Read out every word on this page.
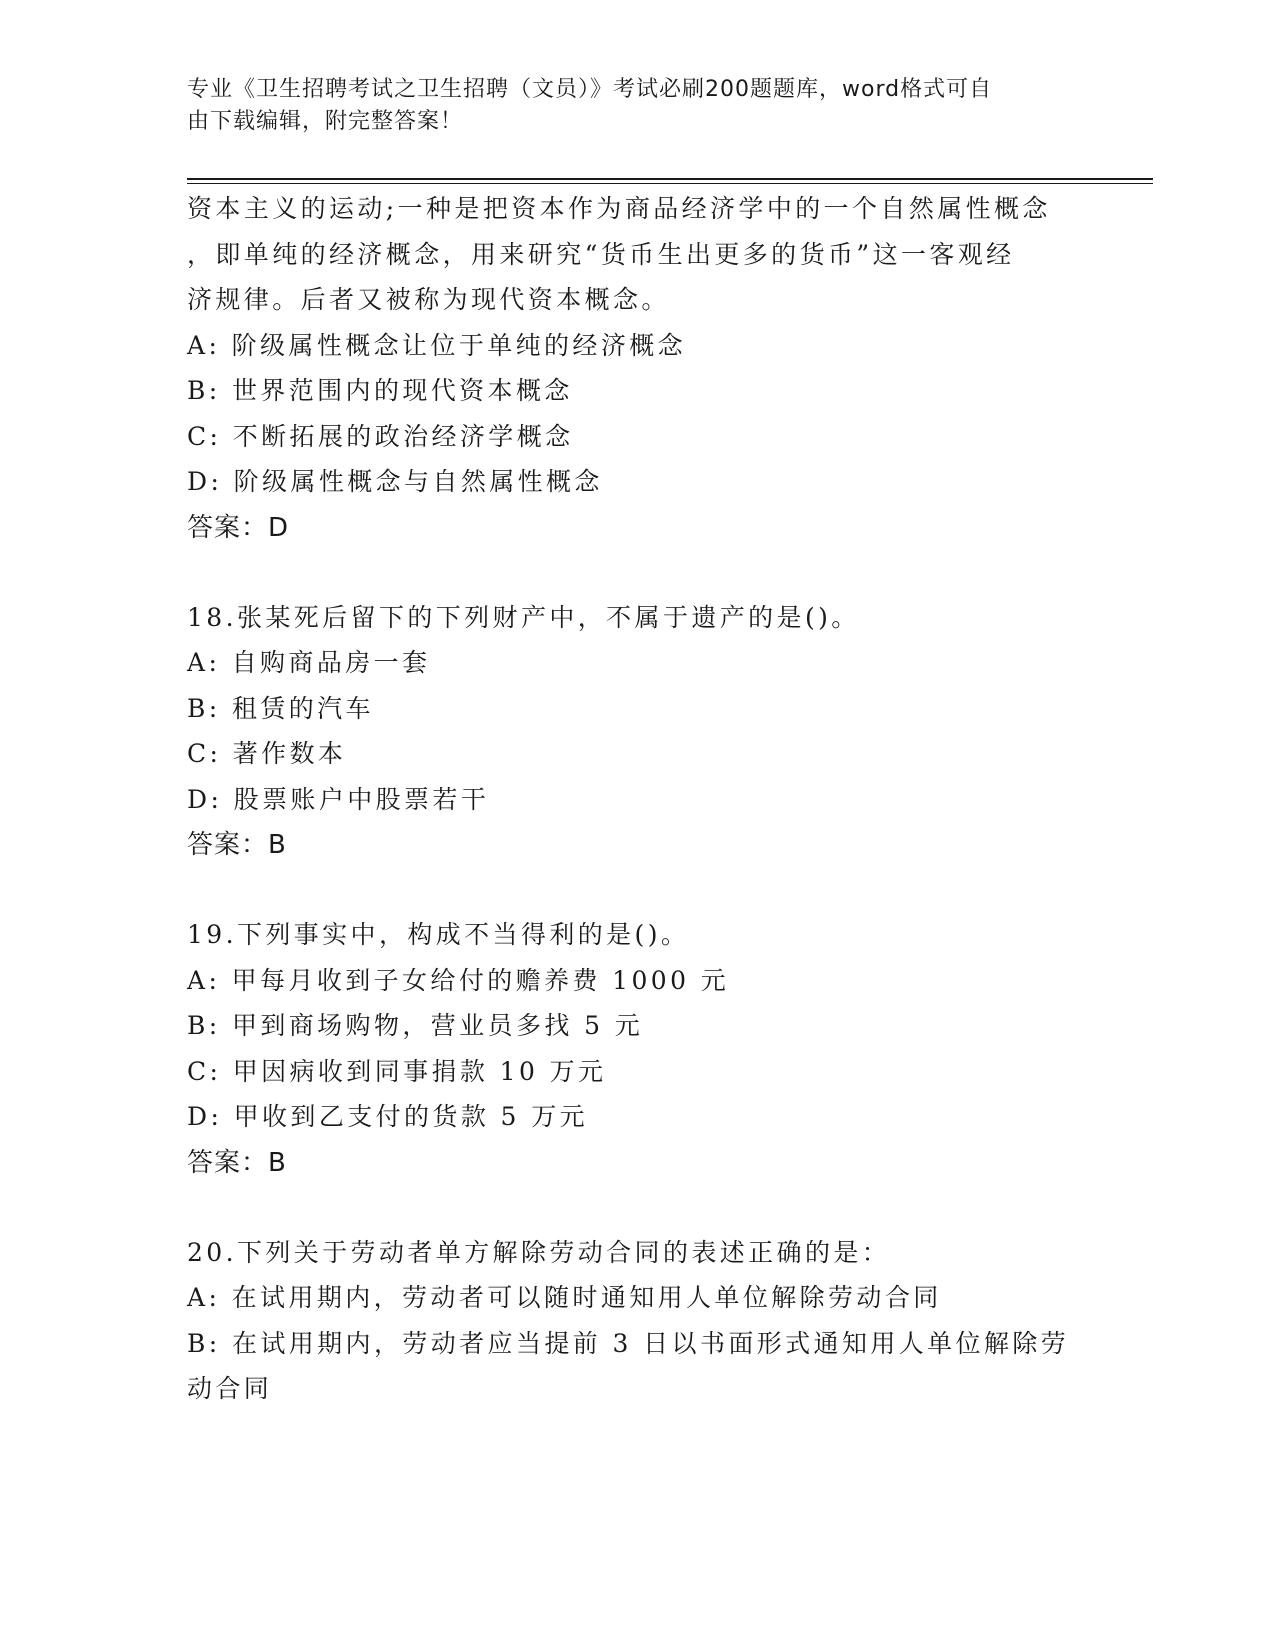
专业《卫生招聘考试之卫生招聘（文员）》考试必刷200题题库，word格式可自
由下载编辑，附完整答案！
资本主义的运动;一种是把资本作为商品经济学中的一个自然属性概念
，即单纯的经济概念，用来研究“货币生出更多的货币”这一客观经
济规律。后者又被称为现代资本概念。
A: 阶级属性概念让位于单纯的经济概念
B: 世界范围内的现代资本概念
C: 不断拓展的政治经济学概念
D: 阶级属性概念与自然属性概念
答案：D
18.张某死后留下的下列财产中，不属于遗产的是()。
A: 自购商品房一套
B: 租赁的汽车
C: 著作数本
D: 股票账户中股票若干
答案：B
19.下列事实中，构成不当得利的是()。
A: 甲每月收到子女给付的赡养费 1000 元
B: 甲到商场购物，营业员多找 5 元
C: 甲因病收到同事捐款 10 万元
D: 甲收到乙支付的货款 5 万元
答案：B
20.下列关于劳动者单方解除劳动合同的表述正确的是：
A: 在试用期内，劳动者可以随时通知用人单位解除劳动合同
B: 在试用期内，劳动者应当提前 3 日以书面形式通知用人单位解除劳
动合同
